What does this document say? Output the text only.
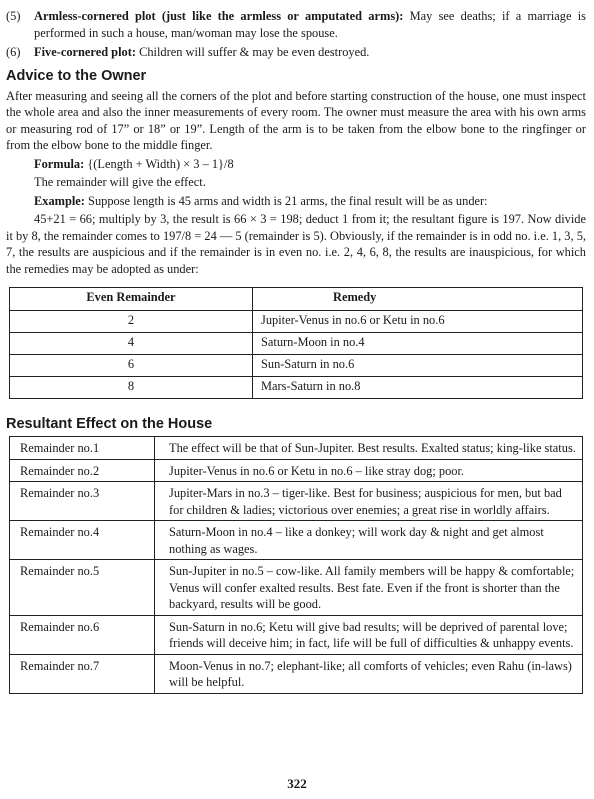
(5)	Armless-cornered plot (just like the armless or amputated arms): May see deaths; if a marriage is performed in such a house, man/woman may lose the spouse.
(6)	Five-cornered plot: Children will suffer & may be even destroyed.
Advice to the Owner

After measuring and seeing all the corners of the plot and before starting construction of the house, one must inspect the whole area and also the inner measurements of every room. The owner must measure the area with his own arms or measuring rod of 17” or 18” or 19”. Length of the arm is to be taken from the elbow bone to the ringfinger or from the elbow bone to the middle finger.

Formula: {(Length + Width) × 3 – 1}/8

The remainder will give the effect.

Example: Suppose length is 45 arms and width is 21 arms, the final result will be as under:

45+21 = 66; multiply by 3, the result is 66 × 3 = 198; deduct 1 from it; the resultant figure is 197. Now divide it by 8, the remainder comes to 197/8 = 24 — 5 (remainder is 5). Obviously, if the remainder is in odd no. i.e. 1, 3, 5, 7, the results are auspicious and if the remainder is in even no. i.e. 2, 4, 6, 8, the results are inauspicious, for which the remedies may be adopted as under:

Even Remainder	Remedy
2	Jupiter-Venus in no.6 or Ketu in no.6
4	Saturn-Moon in no.4
6	Sun-Saturn in no.6
8	Mars-Saturn in no.8
Resultant Effect on the House
Remainder no.1	The effect will be that of Sun-Jupiter. Best results. Exalted status; king-like status.
Remainder no.2	Jupiter-Venus in no.6 or Ketu in no.6 – like stray dog; poor.
Remainder no.3	Jupiter-Mars in no.3 – tiger-like. Best for business; auspicious for men, but bad for children & ladies; victorious over enemies; a great rise in worldly affairs.
Remainder no.4	Saturn-Moon in no.4 – like a donkey; will work day & night and get almost nothing as wages.
Remainder no.5	Sun-Jupiter in no.5 – cow-like. All family members will be happy & comfortable; Venus will confer exalted results. Best fate. Even if the front is shorter than the backyard, results will be good.
Remainder no.6	Sun-Saturn in no.6; Ketu will give bad results; will be deprived of parental love; friends will deceive him; in fact, life will be full of difficulties & unhappy events.
Remainder no.7	Moon-Venus in no.7; elephant-like; all comforts of vehicles; even Rahu (in-laws) will be helpful.
322
